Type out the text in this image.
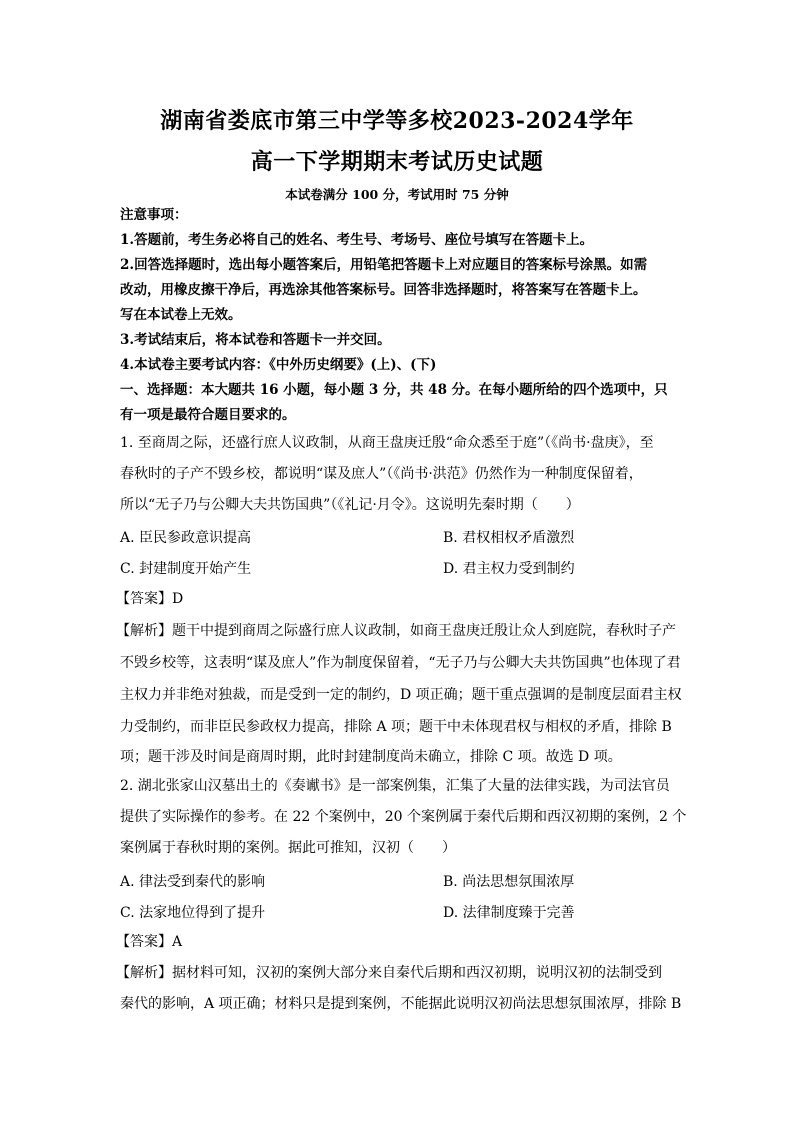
湖南省娄底市第三中学等多校2023-2024学年
高一下学期期末考试历史试题
本试卷满分 100 分，考试用时 75 分钟
注意事项：
1.答题前，考生务必将自己的姓名、考生号、考场号、座位号填写在答题卡上。
2.回答选择题时，选出每小题答案后，用铅笔把答题卡上对应题目的答案标号涂黑。如需
改动，用橡皮擦干净后，再选涂其他答案标号。回答非选择题时，将答案写在答题卡上。
写在本试卷上无效。
3.考试结束后，将本试卷和答题卡一并交回。
4.本试卷主要考试内容：《中外历史纲要》(上)、(下)
一、选择题：本大题共 16 小题，每小题 3 分，共 48 分。在每小题所给的四个选项中，只
有一项是最符合题目要求的。
1. 至商周之际，还盛行庶人议政制，从商王盘庚迁殷“命众悉至于庭”（《尚书·盘庚》，至
春秋时的子产不毁乡校，都说明“谋及庶人”（《尚书·洪范》仍然作为一种制度保留着，
所以“无子乃与公卿大夫共饬国典”（《礼记·月令》。这说明先秦时期（　　）
A. 臣民参政意识提高	B. 君权相权矛盾激烈
C. 封建制度开始产生	D. 君主权力受到制约
【答案】D
【解析】题干中提到商周之际盛行庶人议政制，如商王盘庚迁殷让众人到庭院，春秋时子产
不毁乡校等，这表明“谋及庶人”作为制度保留着，“无子乃与公卿大夫共饬国典”也体现了君
主权力并非绝对独裁，而是受到一定的制约，D 项正确；题干重点强调的是制度层面君主权
力受制约，而非臣民参政权力提高，排除 A 项；题干中未体现君权与相权的矛盾，排除 B
项；题干涉及时间是商周时期，此时封建制度尚未确立，排除 C 项。故选 D 项。
2. 湖北张家山汉墓出土的《奏谳书》是一部案例集，汇集了大量的法律实践，为司法官员
提供了实际操作的参考。在 22 个案例中，20 个案例属于秦代后期和西汉初期的案例，2 个
案例属于春秋时期的案例。据此可推知，汉初（　　）
A. 律法受到秦代的影响	B. 尚法思想氛围浓厚
C. 法家地位得到了提升	D. 法律制度臻于完善
【答案】A
【解析】据材料可知，汉初的案例大部分来自秦代后期和西汉初期，说明汉初的法制受到
秦代的影响，A 项正确；材料只是提到案例，不能据此说明汉初尚法思想氛围浓厚，排除 B
